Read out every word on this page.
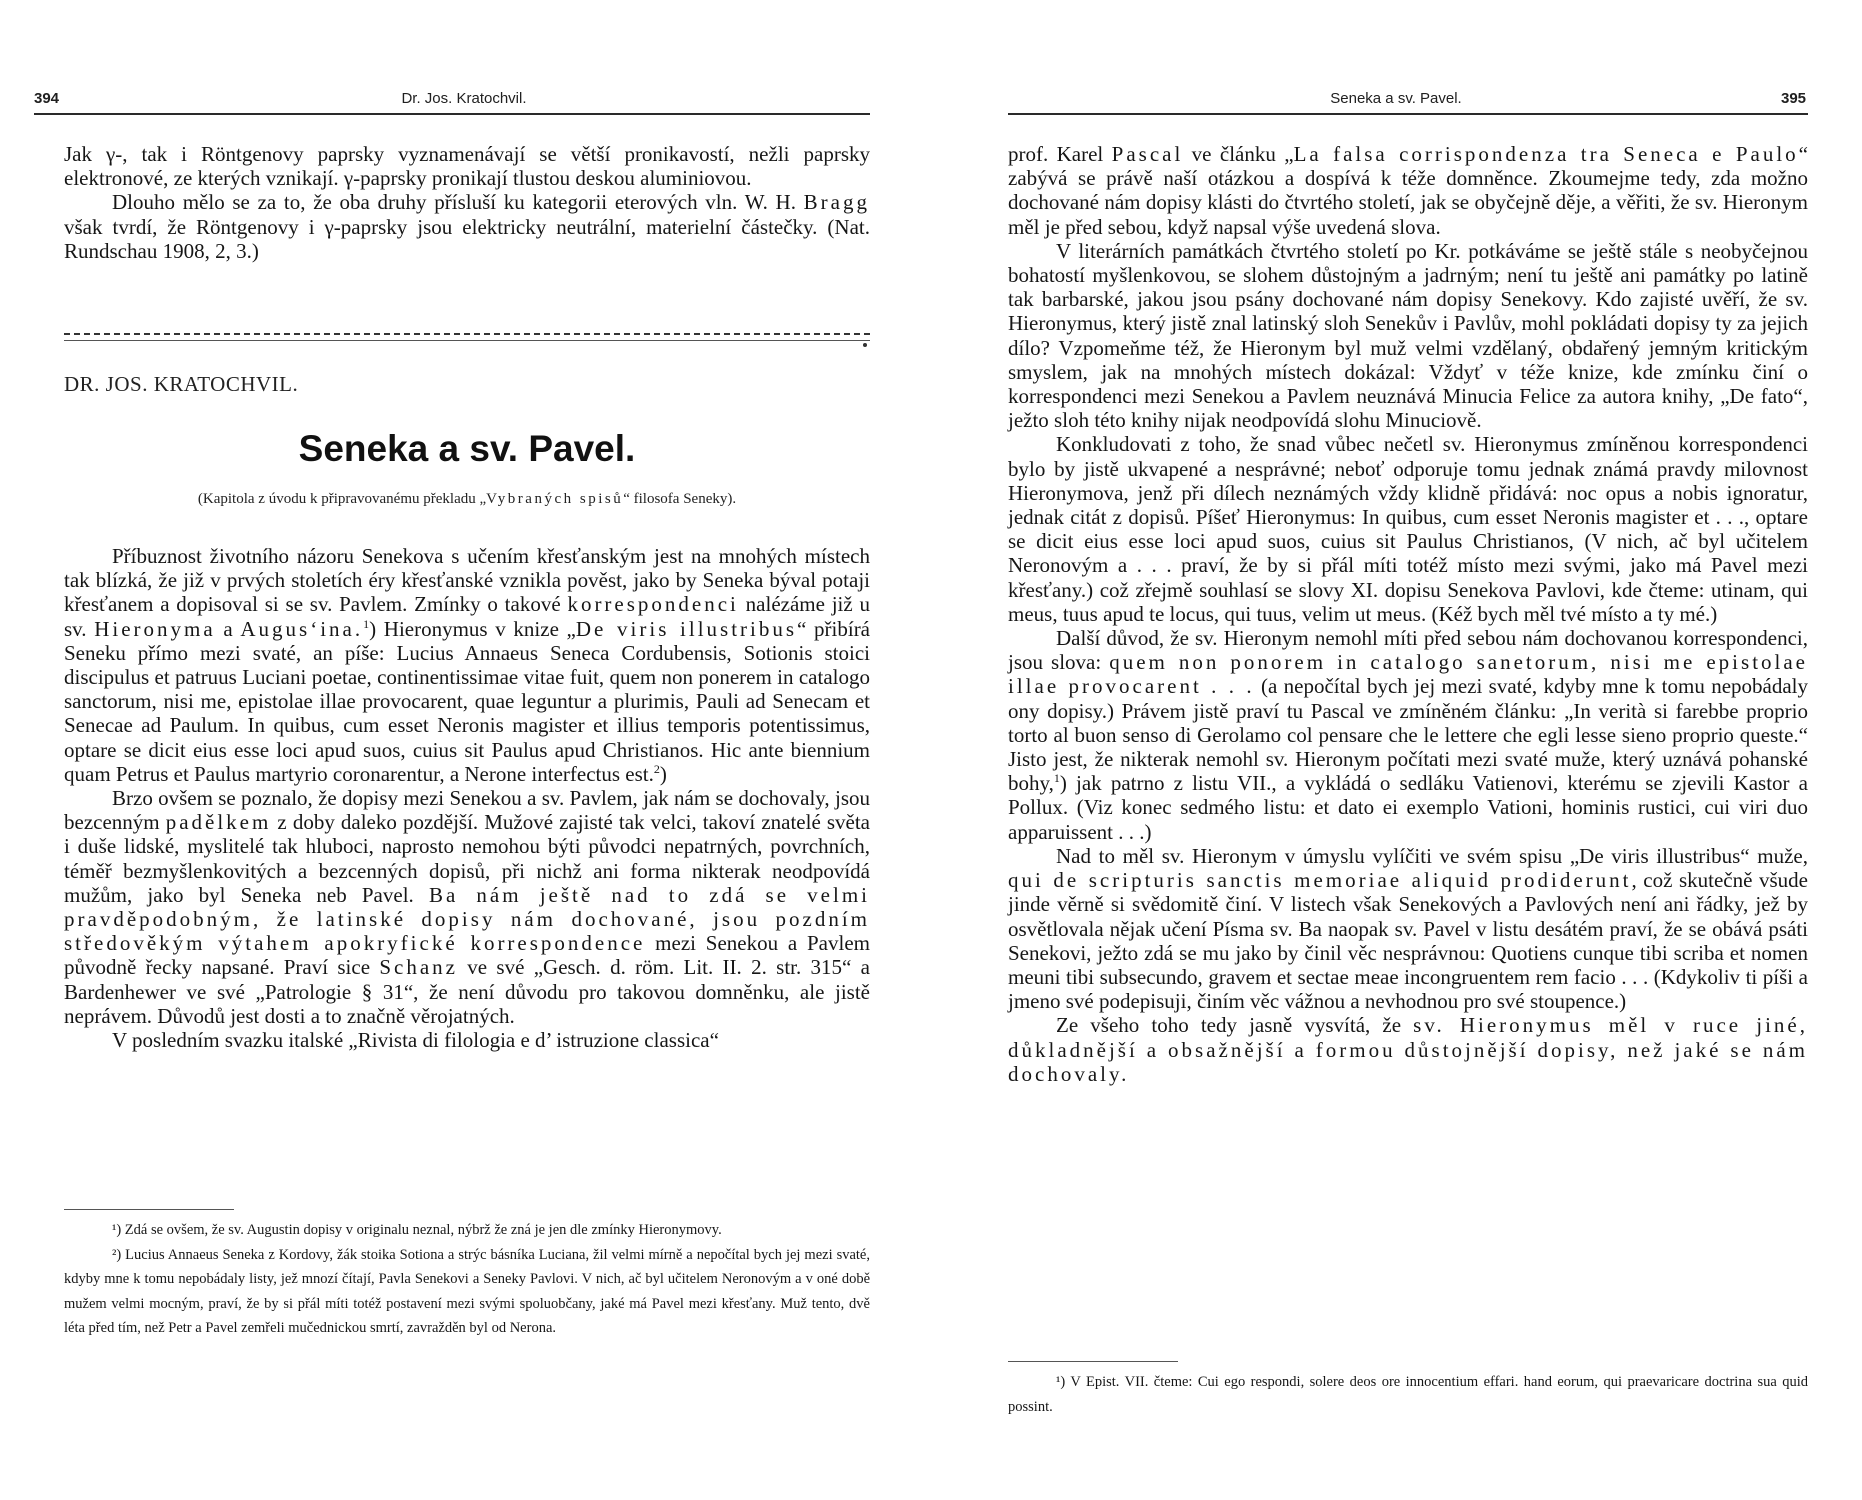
394	Dr. Jos. Kratochvil.

Jak γ-, tak i Röntgenovy paprsky vyznamenávají se větší pronikavostí, nežli paprsky elektronové, ze kterých vznikají. γ-paprsky pronikají tlustou deskou aluminiovou.

Dlouho mělo se za to, že oba druhy přísluší ku kategorii eterových vln. W. H. Bragg však tvrdí, že Röntgenovy i γ-paprsky jsou elektricky neutrální, materielní částečky. (Nat. Rundschau 1908, 2, 3.)

DR. JOS. KRATOCHVIL.
Seneka a sv. Pavel.
(Kapitola z úvodu k připravovanému překladu „Vybraných spisů“ filosofa Seneky).

Příbuznost životního názoru Senekova s učením křesťanským jest na mnohých místech tak blízká, že již v prvých stoletích éry křesťanské vznikla pověst, jako by Seneka býval potaji křesťanem a dopisoval si se sv. Pavlem. Zmínky o takové korrespondenci nalézáme již u sv. Hieronyma a Augus‘ina.$^1$) Hieronymus v knize „De viris illustribus“ přibírá Seneku přímo mezi svaté, an píše: Lucius Annaeus Seneca Cordubensis, Sotionis stoici discipulus et patruus Luciani poetae, continentissimae vitae fuit, quem non ponerem in catalogo sanctorum, nisi me, epistolae illae provocarent, quae leguntur a plurimis, Pauli ad Senecam et Senecae ad Paulum. In quibus, cum esset Neronis magister et illius temporis potentissimus, optare se dicit eius esse loci apud suos, cuius sit Paulus apud Christianos. Hic ante biennium quam Petrus et Paulus martyrio coronarentur, a Nerone interfectus est.$^2$)

Brzo ovšem se poznalo, že dopisy mezi Senekou a sv. Pavlem, jak nám se dochovaly, jsou bezcenným padělkem z doby daleko pozdější. Mužové zajisté tak velci, takoví znatelé světa i duše lidské, myslitelé tak hluboci, naprosto nemohou býti původci nepatrných, povrchních, téměř bezmyšlenkovitých a bezcenných dopisů, při nichž ani forma nikterak neodpovídá mužům, jako byl Seneka neb Pavel. Ba nám ještě nad to zdá se velmi pravděpodobným, že latinské dopisy nám dochované, jsou pozdním středověkým výtahem apokryfické korrespondence mezi Senekou a Pavlem původně řecky napsané. Praví sice Schanz ve své „Gesch. d. röm. Lit. II. 2. str. 315“ a Bardenhewer ve své „Patrologie § 31“, že není důvodu pro takovou domněnku, ale jistě neprávem. Důvodů jest dosti a to značně věrojatných.

V posledním svazku italské „Rivista di filologia e d’ istruzione classica“

¹) Zdá se ovšem, že sv. Augustin dopisy v originalu neznal, nýbrž že zná je jen dle zmínky Hieronymovy.

²) Lucius Annaeus Seneka z Kordovy, žák stoika Sotiona a strýc básníka Luciana, žil velmi mírně a nepočítal bych jej mezi svaté, kdyby mne k tomu nepobádaly listy, jež mnozí čítají, Pavla Senekovi a Seneky Pavlovi. V nich, ač byl učitelem Neronovým a v oné době mužem velmi mocným, praví, že by si přál míti totéž postavení mezi svými spoluobčany, jaké má Pavel mezi křesťany. Muž tento, dvě léta před tím, než Petr a Pavel zemřeli mučednickou smrtí, zavražděn byl od Nerona.

Seneka a sv. Pavel.	395

prof. Karel Pascal ve článku „La falsa corrispondenza tra Seneca e Paulo“ zabývá se právě naší otázkou a dospívá k téže domněnce. Zkoumejme tedy, zda možno dochované nám dopisy klásti do čtvrtého století, jak se obyčejně děje, a věřiti, že sv. Hieronym měl je před sebou, když napsal výše uvedená slova.

V literárních památkách čtvrtého století po Kr. potkáváme se ještě stále s neobyčejnou bohatostí myšlenkovou, se slohem důstojným a jadrným; není tu ještě ani památky po latině tak barbarské, jakou jsou psány dochované nám dopisy Senekovy. Kdo zajisté uvěří, že sv. Hieronymus, který jistě znal latinský sloh Senekův i Pavlův, mohl pokládati dopisy ty za jejich dílo? Vzpomeňme též, že Hieronym byl muž velmi vzdělaný, obdařený jemným kritickým smyslem, jak na mnohých místech dokázal: Vždyť v téže knize, kde zmínku činí o korrespondenci mezi Senekou a Pavlem neuznává Minucia Felice za autora knihy, „De fato“, ježto sloh této knihy nijak neodpovídá slohu Minuciově.

Konkludovati z toho, že snad vůbec nečetl sv. Hieronymus zmíněnou korrespondenci bylo by jistě ukvapené a nesprávné; neboť odporuje tomu jednak známá pravdy milovnost Hieronymova, jenž při dílech neznámých vždy klidně přidává: noc opus a nobis ignoratur, jednak citát z dopisů. Píšeť Hieronymus: In quibus, cum esset Neronis magister et . . ., optare se dicit eius esse loci apud suos, cuius sit Paulus Christianos, (V nich, ač byl učitelem Neronovým a . . . praví, že by si přál míti totéž místo mezi svými, jako má Pavel mezi křesťany.) což zřejmě souhlasí se slovy XI. dopisu Senekova Pavlovi, kde čteme: utinam, qui meus, tuus apud te locus, qui tuus, velim ut meus. (Kéž bych měl tvé místo a ty mé.)

Další důvod, že sv. Hieronym nemohl míti před sebou nám dochovanou korrespondenci, jsou slova: quem non ponorem in catalogo sanetorum, nisi me epistolae illae provocarent . . . (a nepočítal bych jej mezi svaté, kdyby mne k tomu nepobádaly ony dopisy.) Právem jistě praví tu Pascal ve zmíněném článku: „In verità si farebbe proprio torto al buon senso di Gerolamo col pensare che le lettere che egli lesse sieno proprio queste.“ Jisto jest, že nikterak nemohl sv. Hieronym počítati mezi svaté muže, který uznává pohanské bohy,$^1$) jak patrno z listu VII., a vykládá o sedláku Vatienovi, kterému se zjevili Kastor a Pollux. (Viz konec sedmého listu: et dato ei exemplo Vationi, hominis rustici, cui viri duo apparuissent . . .)

Nad to měl sv. Hieronym v úmyslu vylíčiti ve svém spisu „De viris illustribus“ muže, qui de scripturis sanctis memoriae aliquid prodiderunt, což skutečně všude jinde věrně si svědomitě činí. V listech však Senekových a Pavlových není ani řádky, jež by osvětlovala nějak učení Písma sv. Ba naopak sv. Pavel v listu desátém praví, že se obává psáti Senekovi, ježto zdá se mu jako by činil věc nesprávnou: Quotiens cunque tibi scriba et nomen meuni tibi subsecundo, gravem et sectae meae incongruentem rem facio . . . (Kdykoliv ti píši a jmeno své podepisuji, činím věc vážnou a nevhodnou pro své stoupence.)

Ze všeho toho tedy jasně vysvítá, že sv. Hieronymus měl v ruce jiné, důkladnější a obsažnější a formou důstojnější dopisy, než jaké se nám dochovaly.

¹) V Epist. VII. čteme: Cui ego respondi, solere deos ore innocentium effari. hand eorum, qui praevaricare doctrina sua quid possint.
